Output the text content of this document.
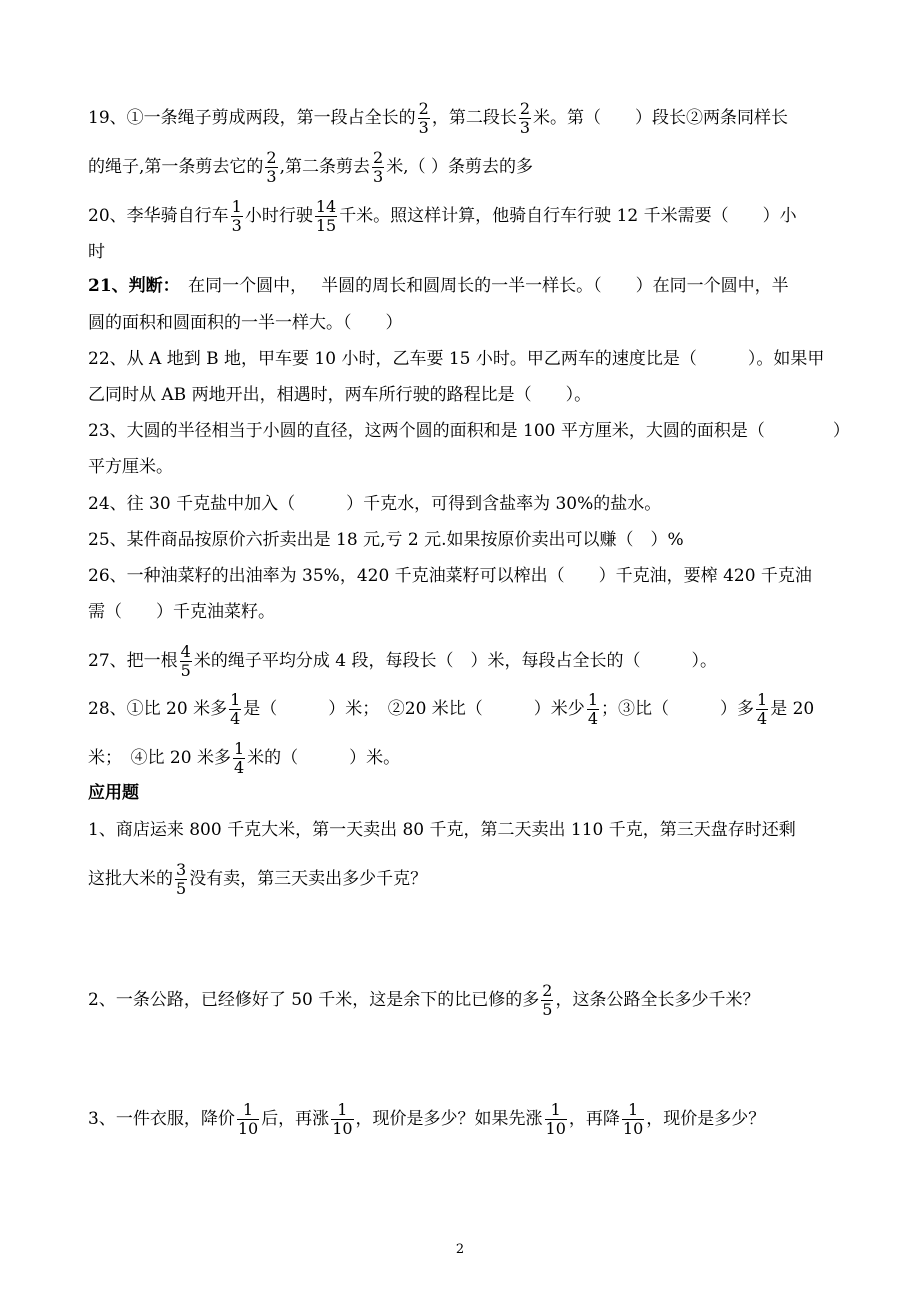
19、①一条绳子剪成两段，第一段占全长的 $\frac{2}{3}$ ，第二段长 $\frac{2}{3}$ 米。第（　　）段长②两条同样长
的绳子,第一条剪去它的 $\frac{2}{3}$ ,第二条剪去 $\frac{2}{3}$ 米,（ ）条剪去的多
20、李华骑自行车 $\frac{1}{3}$ 小时行驶 $\frac{14}{15}$ 千米。照这样计算，他骑自行车行驶 12 千米需要（　　）小
时
21、判断：　在同一个圆中，　 半圆的周长和圆周长的一半一样长。（　　）在同一个圆中，半
圆的面积和圆面积的一半一样大。（　　）
22、从 A 地到 B 地，甲车要 10 小时，乙车要 15 小时。甲乙两车的速度比是（　　　）。如果甲
乙同时从 AB 两地开出，相遇时，两车所行驶的路程比是（　　）。
23、大圆的半径相当于小圆的直径，这两个圆的面积和是 100 平方厘米，大圆的面积是（　　　　）
平方厘米。
24、往 30 千克盐中加入（　　　）千克水，可得到含盐率为 30%的盐水。
25、某件商品按原价六折卖出是 18 元,亏 2 元.如果按原价卖出可以赚（　）%
26、一种油菜籽的出油率为 35%，420 千克油菜籽可以榨出（　　）千克油，要榨 420 千克油
需（　　）千克油菜籽。
27、把一根 $\frac{4}{5}$ 米的绳子平均分成 4 段，每段长（　）米，每段占全长的（　　　）。
28、①比 20 米多 $\frac{1}{4}$ 是（　　　）米；　②20 米比（　　　）米少 $\frac{1}{4}$ ；③比（　　　）多 $\frac{1}{4}$ 是 20
米；　④比 20 米多 $\frac{1}{4}$ 米的（　　　）米。
应用题
1、商店运来 800 千克大米，第一天卖出 80 千克，第二天卖出 110 千克，第三天盘存时还剩
这批大米的 $\frac{3}{5}$ 没有卖，第三天卖出多少千克？
2、一条公路，已经修好了 50 千米，这是余下的比已修的多 $\frac{2}{5}$ ，这条公路全长多少千米？
3、一件衣服，降价 $\frac{1}{10}$ 后，再涨 $\frac{1}{10}$ ，现价是多少？如果先涨 $\frac{1}{10}$ ，再降 $\frac{1}{10}$ ，现价是多少？
2
